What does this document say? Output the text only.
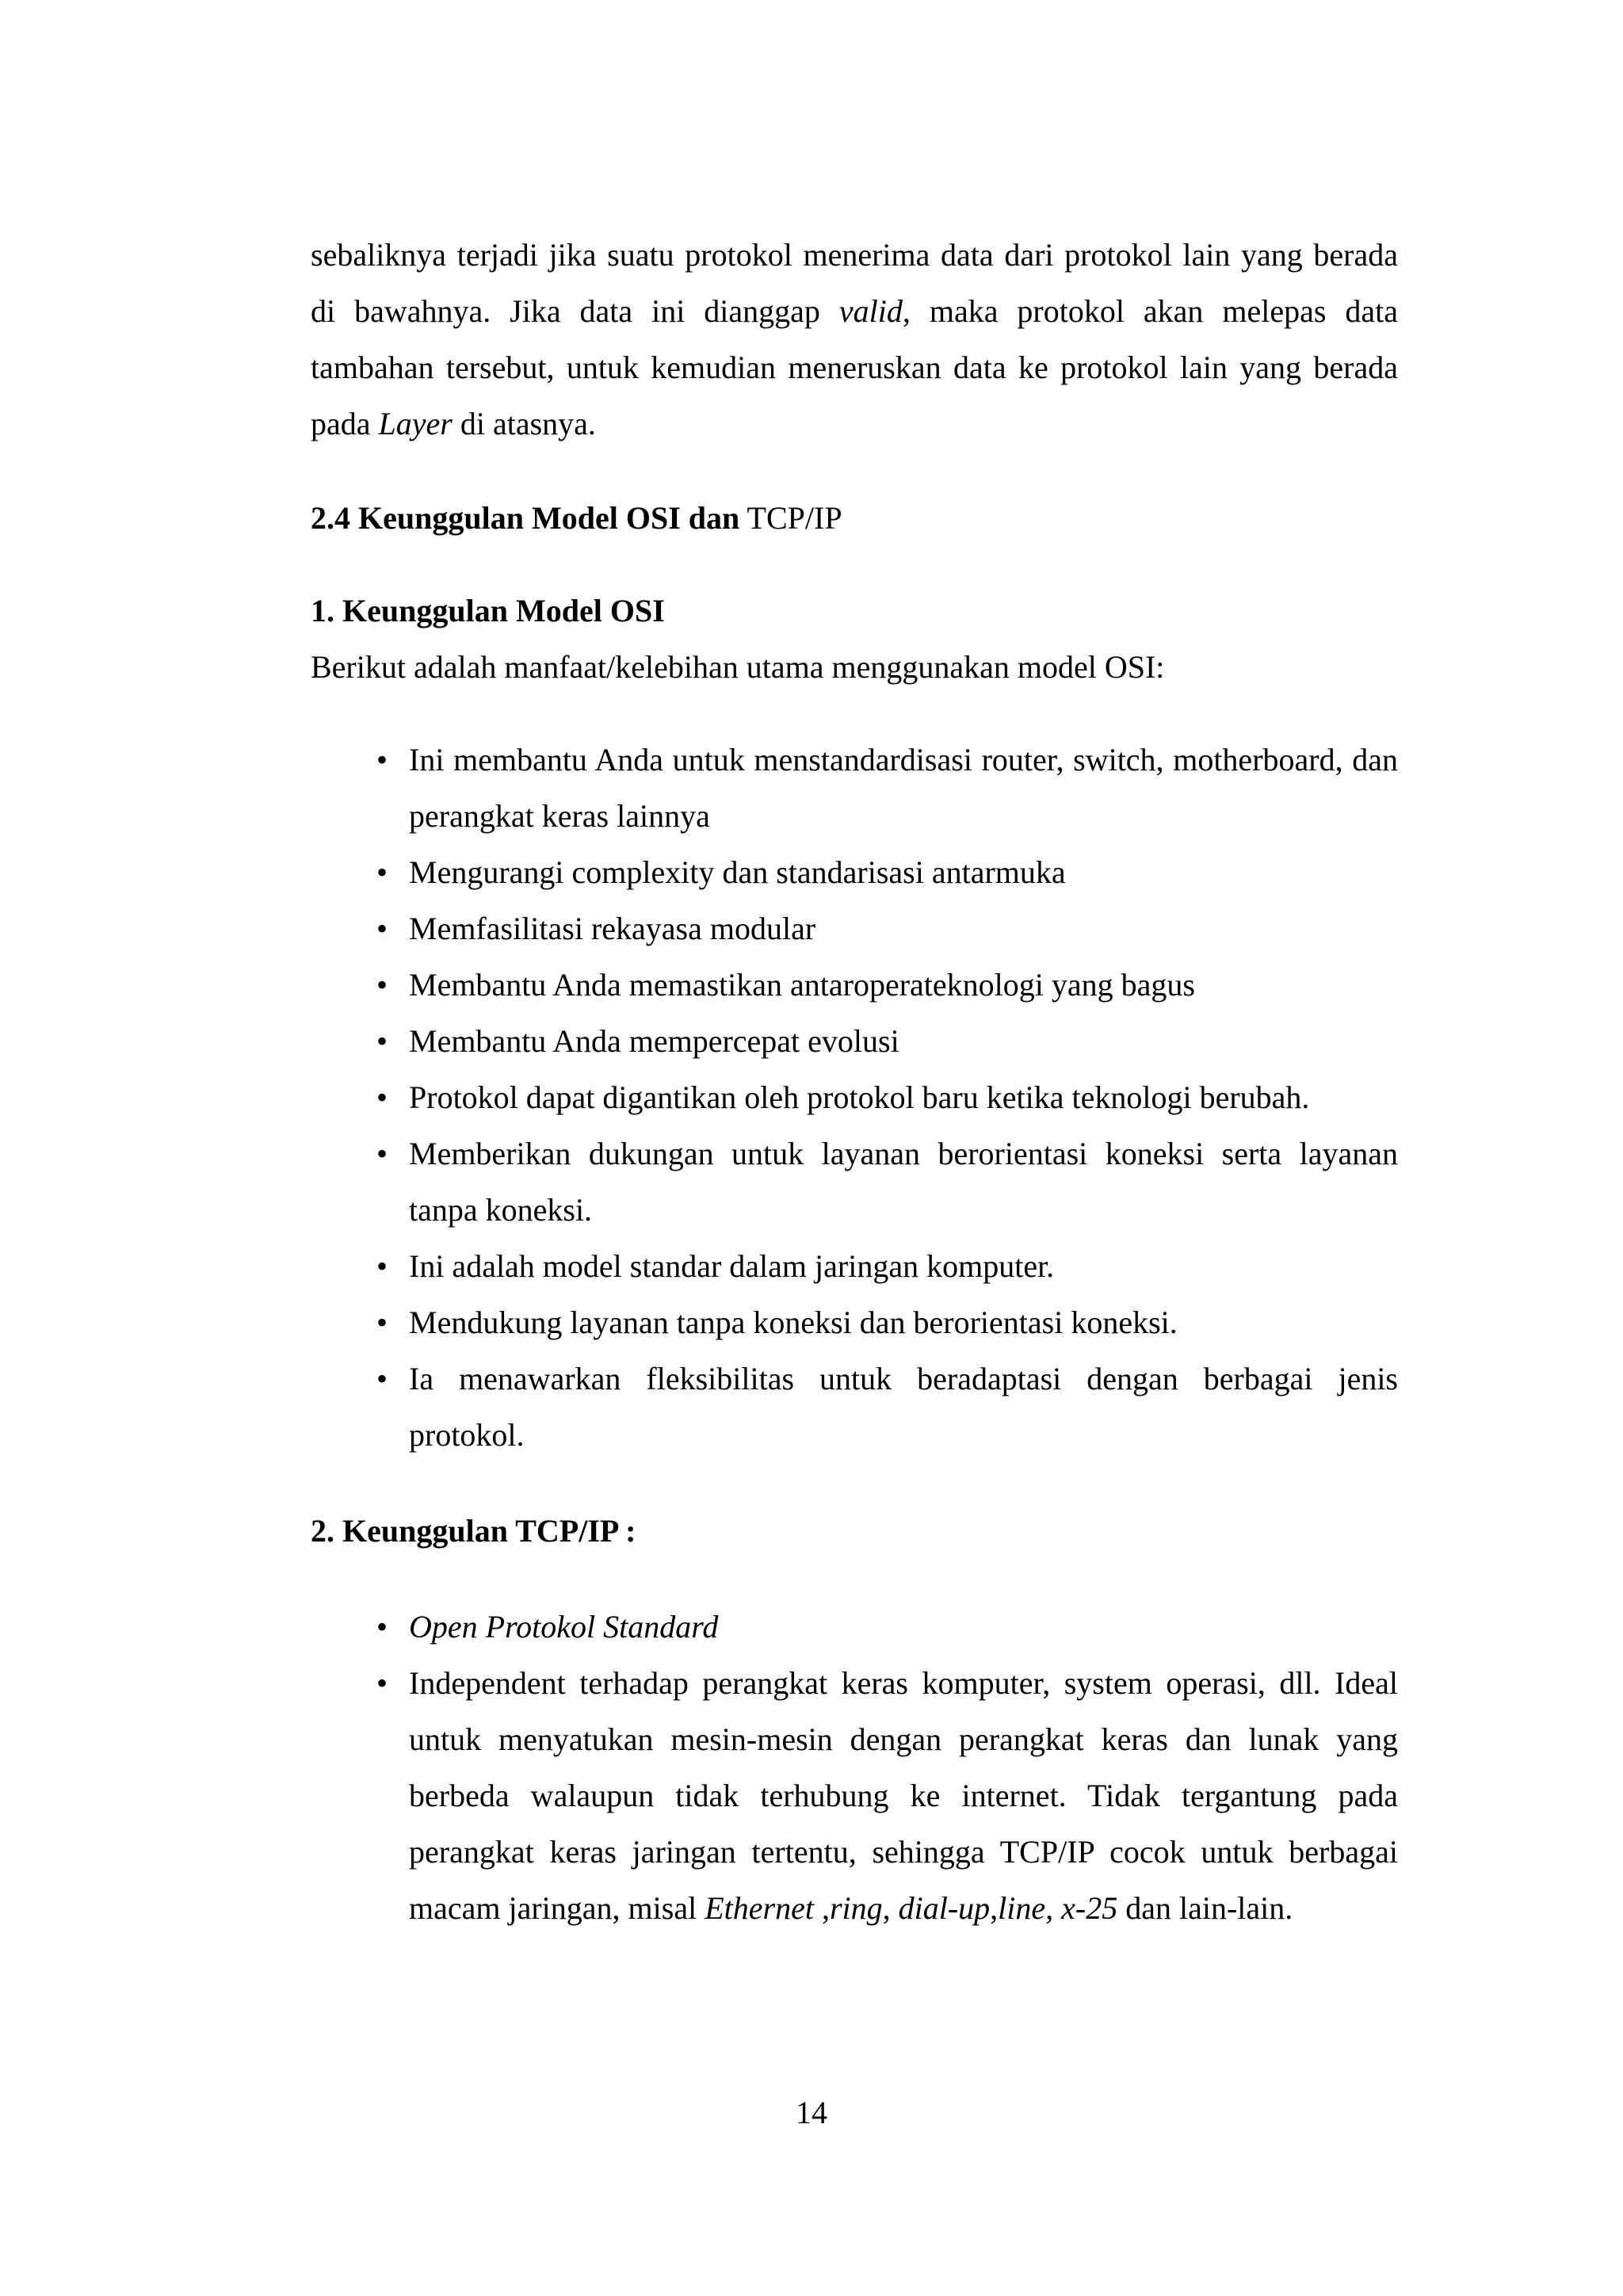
sebaliknya terjadi jika suatu protokol menerima data dari protokol lain yang berada di bawahnya. Jika data ini dianggap valid, maka protokol akan melepas data tambahan tersebut, untuk kemudian meneruskan data ke protokol lain yang berada pada Layer di atasnya.

2.4 Keunggulan Model OSI dan TCP/IP

1. Keunggulan Model OSI

Berikut adalah manfaat/kelebihan utama menggunakan model OSI:

• Ini membantu Anda untuk menstandardisasi router, switch, motherboard, dan perangkat keras lainnya
• Mengurangi complexity dan standarisasi antarmuka
• Memfasilitasi rekayasa modular
• Membantu Anda memastikan antaroperateknologi yang bagus
• Membantu Anda mempercepat evolusi
• Protokol dapat digantikan oleh protokol baru ketika teknologi berubah.
• Memberikan dukungan untuk layanan berorientasi koneksi serta layanan tanpa koneksi.
• Ini adalah model standar dalam jaringan komputer.
• Mendukung layanan tanpa koneksi dan berorientasi koneksi.
• Ia menawarkan fleksibilitas untuk beradaptasi dengan berbagai jenis protokol.

2. Keunggulan TCP/IP :

• Open Protokol Standard
• Independent terhadap perangkat keras komputer, system operasi, dll. Ideal untuk menyatukan mesin-mesin dengan perangkat keras dan lunak yang berbeda walaupun tidak terhubung ke internet. Tidak tergantung pada perangkat keras jaringan tertentu, sehingga TCP/IP cocok untuk berbagai macam jaringan, misal Ethernet ,ring, dial-up,line, x-25 dan lain-lain.
14
